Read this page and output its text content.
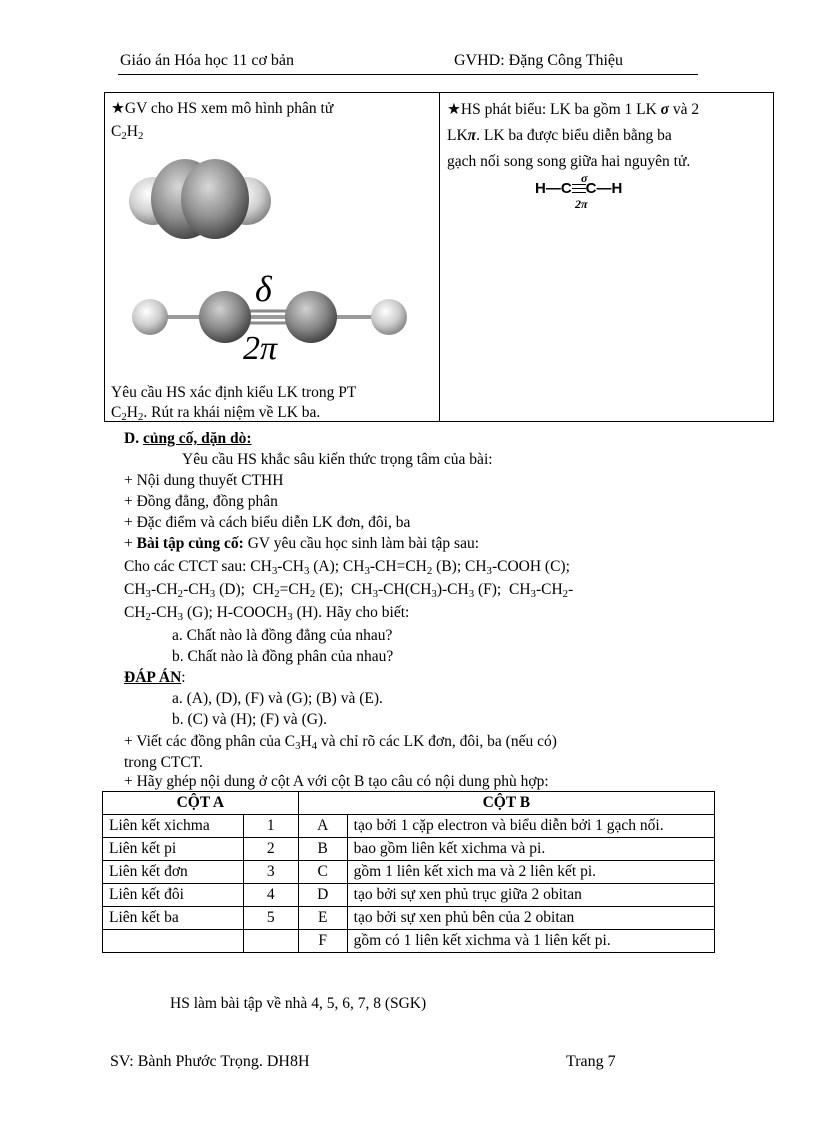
Giáo án Hóa học 11 cơ bản	GVHD: Đặng Công Thiệu
★GV cho HS xem mô hình phân tử
$C_2H_2$
δ
2π
Yêu cầu HS xác định kiểu LK trong PT
$C_2H_2$. Rút ra khái niệm về LK ba.
★HS phát biểu: LK ba gồm 1 LK σ và 2
LKπ. LK ba được biểu diễn bằng ba
gạch nối song song giữa hai nguyên tử.
H—C C—H
σ
2π
D. củng cố, dặn dò:
Yêu cầu HS khắc sâu kiến thức trọng tâm của bài:
+ Nội dung thuyết CTHH
+ Đồng đẳng, đồng phân
+ Đặc điểm và cách biểu diễn LK đơn, đôi, ba
+ Bài tập củng cố: GV yêu cầu học sinh làm bài tập sau:
Cho các CTCT sau: $CH_3-CH_3$ (A); $CH_3-CH=CH_2$ (B); $CH_3$-COOH (C);
$CH_3-CH_2-CH_3$ (D);  $CH_2=CH_2$ (E);  $CH_3-CH(CH_3)-CH_3$ (F);  $CH_3-CH_2-$
$CH_2-CH_3$ (G); $H-COOCH_3$ (H). Hãy cho biết:
a. Chất nào là đồng đẳng của nhau?
b. Chất nào là đồng phân của nhau?
ĐÁP ÁN:
a. (A), (D), (F) và (G); (B) và (E).
b. (C) và (H); (F) và (G).
+ Viết các đồng phân của $C_3H_4$ và chỉ rõ các LK đơn, đôi, ba (nếu có)
trong CTCT.
+ Hãy ghép nội dung ở cột A với cột B tạo câu có nội dung phù hợp:
CỘT A		CỘT B	
Liên kết xichma	1	A	tạo bởi 1 cặp electron và biểu diễn bởi 1 gạch nối.
Liên kết pi	2	B	bao gồm liên kết xichma và pi.
Liên kết đơn	3	C	gồm 1 liên kết xich ma và 2 liên kết pi.
Liên kết đôi	4	D	tạo bởi sự xen phủ trục giữa 2 obitan
Liên kết ba	5	E	tạo bởi sự xen phủ bên của 2 obitan
		F	gồm có 1 liên kết xichma và 1 liên kết pi.
HS làm bài tập về nhà 4, 5, 6, 7, 8 (SGK)
SV: Bành Phước Trọng. DH8H	Trang 7
